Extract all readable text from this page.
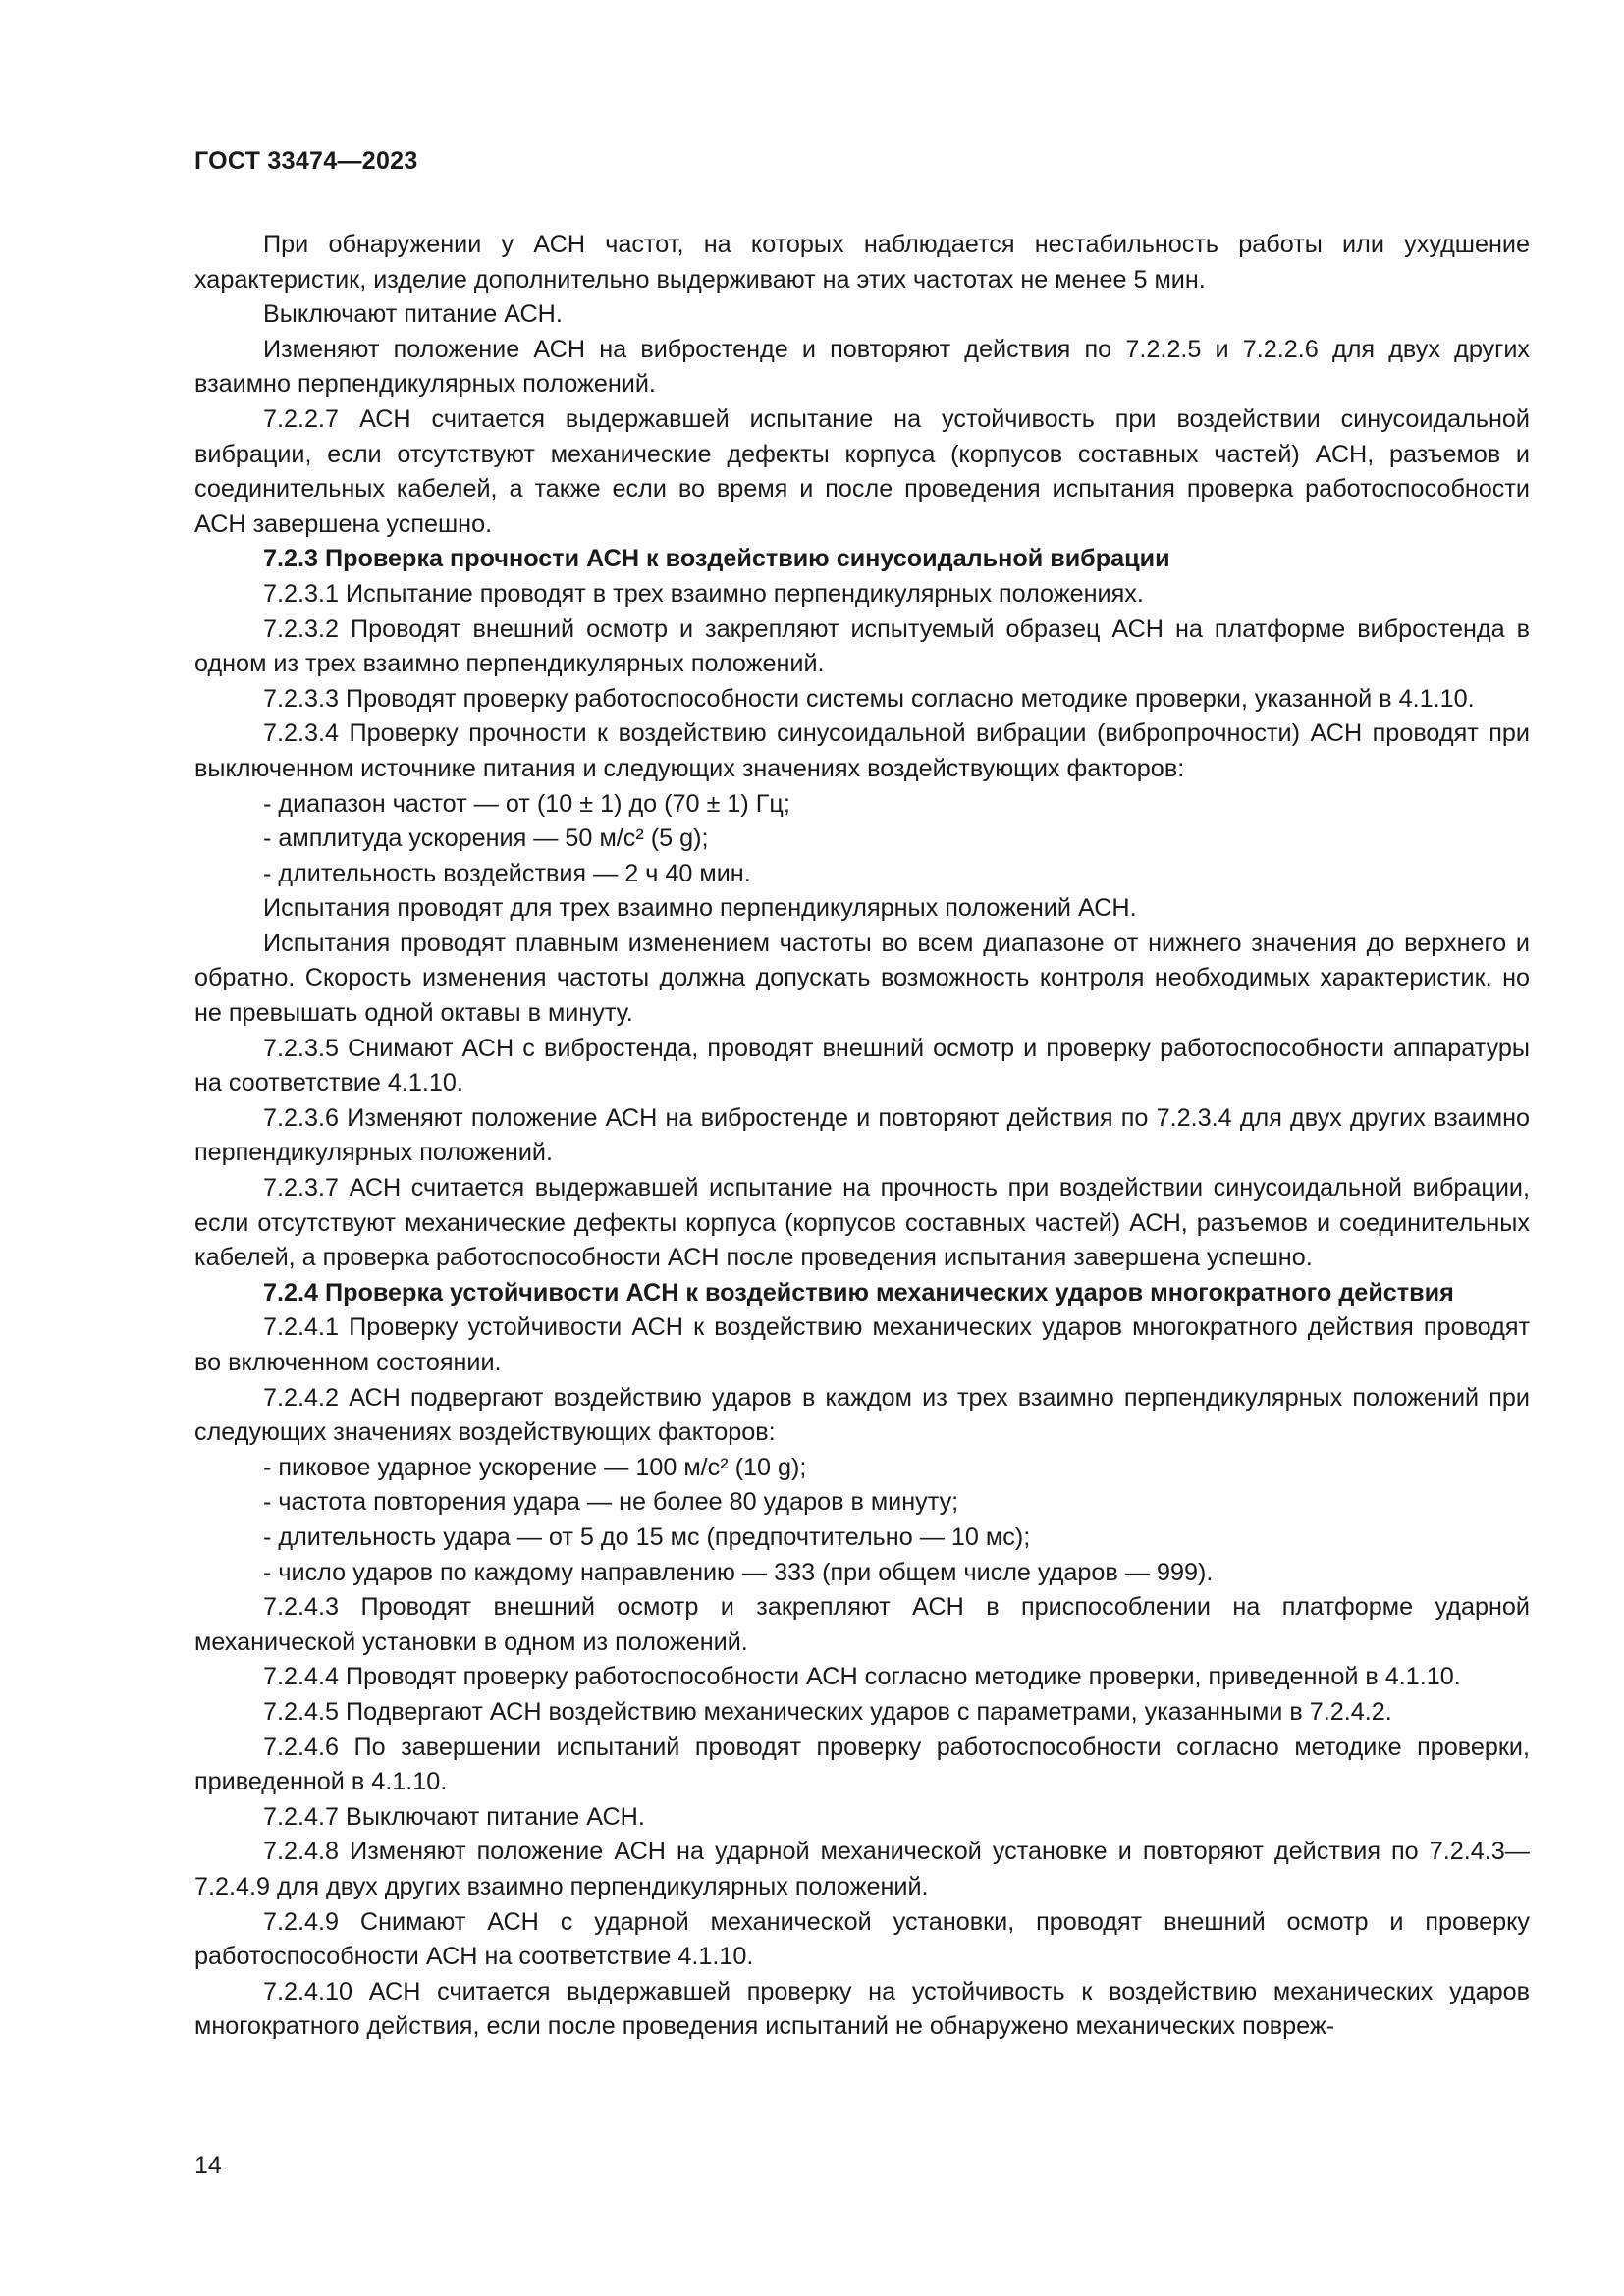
ГОСТ 33474—2023

При обнаружении у АСН частот, на которых наблюдается нестабильность работы или ухудшение характеристик, изделие дополнительно выдерживают на этих частотах не менее 5 мин.

Выключают питание АСН.

Изменяют положение АСН на вибростенде и повторяют действия по 7.2.2.5 и 7.2.2.6 для двух других взаимно перпендикулярных положений.

7.2.2.7 АСН считается выдержавшей испытание на устойчивость при воздействии синусоидальной вибрации, если отсутствуют механические дефекты корпуса (корпусов составных частей) АСН, разъемов и соединительных кабелей, а также если во время и после проведения испытания проверка работоспособности АСН завершена успешно.

7.2.3 Проверка прочности АСН к воздействию синусоидальной вибрации

7.2.3.1 Испытание проводят в трех взаимно перпендикулярных положениях.

7.2.3.2 Проводят внешний осмотр и закрепляют испытуемый образец АСН на платформе вибростенда в одном из трех взаимно перпендикулярных положений.

7.2.3.3 Проводят проверку работоспособности системы согласно методике проверки, указанной в 4.1.10.

7.2.3.4 Проверку прочности к воздействию синусоидальной вибрации (вибропрочности) АСН проводят при выключенном источнике питания и следующих значениях воздействующих факторов:

- диапазон частот — от (10 ± 1) до (70 ± 1) Гц;

- амплитуда ускорения — 50 м/с² (5 g);

- длительность воздействия — 2 ч 40 мин.

Испытания проводят для трех взаимно перпендикулярных положений АСН.

Испытания проводят плавным изменением частоты во всем диапазоне от нижнего значения до верхнего и обратно. Скорость изменения частоты должна допускать возможность контроля необходимых характеристик, но не превышать одной октавы в минуту.

7.2.3.5 Снимают АСН с вибростенда, проводят внешний осмотр и проверку работоспособности аппаратуры на соответствие 4.1.10.

7.2.3.6 Изменяют положение АСН на вибростенде и повторяют действия по 7.2.3.4 для двух других взаимно перпендикулярных положений.

7.2.3.7 АСН считается выдержавшей испытание на прочность при воздействии синусоидальной вибрации, если отсутствуют механические дефекты корпуса (корпусов составных частей) АСН, разъемов и соединительных кабелей, а проверка работоспособности АСН после проведения испытания завершена успешно.

7.2.4 Проверка устойчивости АСН к воздействию механических ударов многократного действия

7.2.4.1 Проверку устойчивости АСН к воздействию механических ударов многократного действия проводят во включенном состоянии.

7.2.4.2 АСН подвергают воздействию ударов в каждом из трех взаимно перпендикулярных положений при следующих значениях воздействующих факторов:

- пиковое ударное ускорение — 100 м/с² (10 g);

- частота повторения удара — не более 80 ударов в минуту;

- длительность удара — от 5 до 15 мс (предпочтительно — 10 мс);

- число ударов по каждому направлению — 333 (при общем числе ударов — 999).

7.2.4.3 Проводят внешний осмотр и закрепляют АСН в приспособлении на платформе ударной механической установки в одном из положений.

7.2.4.4 Проводят проверку работоспособности АСН согласно методике проверки, приведенной в 4.1.10.

7.2.4.5 Подвергают АСН воздействию механических ударов с параметрами, указанными в 7.2.4.2.

7.2.4.6 По завершении испытаний проводят проверку работоспособности согласно методике проверки, приведенной в 4.1.10.

7.2.4.7 Выключают питание АСН.

7.2.4.8 Изменяют положение АСН на ударной механической установке и повторяют действия по 7.2.4.3—7.2.4.9 для двух других взаимно перпендикулярных положений.

7.2.4.9 Снимают АСН с ударной механической установки, проводят внешний осмотр и проверку работоспособности АСН на соответствие 4.1.10.

7.2.4.10 АСН считается выдержавшей проверку на устойчивость к воздействию механических ударов многократного действия, если после проведения испытаний не обнаружено механических повреж-

14
